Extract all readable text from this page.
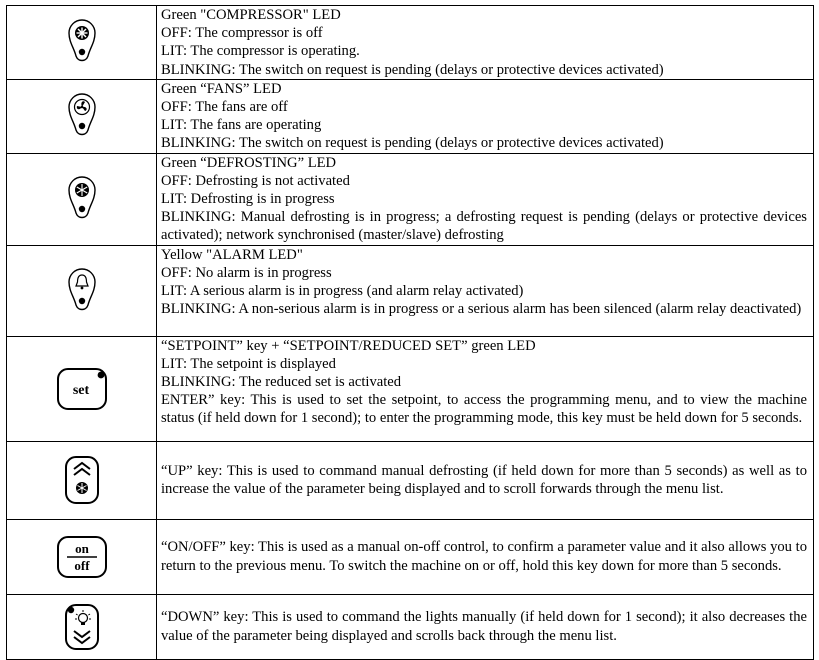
Green "COMPRESSOR" LED
OFF: The compressor is off
LIT: The compressor is operating.
BLINKING: The switch on request is pending (delays or protective devices activated)

Green “FANS” LED
OFF: The fans are off
LIT: The fans are operating
BLINKING: The switch on request is pending (delays or protective devices activated)

Green “DEFROSTING” LED
OFF: Defrosting is not activated
LIT: Defrosting is in progress
BLINKING: Manual defrosting is in progress; a defrosting request is pending (delays or protective devices activated); network synchronised (master/slave) defrosting

Yellow "ALARM LED"
OFF: No alarm is in progress
LIT: A serious alarm is in progress (and alarm relay activated)
BLINKING: A non-serious alarm is in progress or a serious alarm has been silenced (alarm relay deactivated)

set	“SETPOINT” key + “SETPOINT/REDUCED SET” green LED
LIT: The setpoint is displayed
BLINKING: The reduced set is activated
ENTER” key: This is used to set the setpoint, to access the programming menu, and to view the machine status (if held down for 1 second); to enter the programming mode, this key must be held down for 5 seconds.

“UP” key: This is used to command manual defrosting (if held down for more than 5 seconds) as well as to increase the value of the parameter being displayed and to scroll forwards through the menu list.

on
off	“ON/OFF” key: This is used as a manual on-off control, to confirm a parameter value and it also allows you to return to the previous menu. To switch the machine on or off, hold this key down for more than 5 seconds.

“DOWN” key: This is used to command the lights manually (if held down for 1 second); it also decreases the value of the parameter being displayed and scrolls back through the menu list.
